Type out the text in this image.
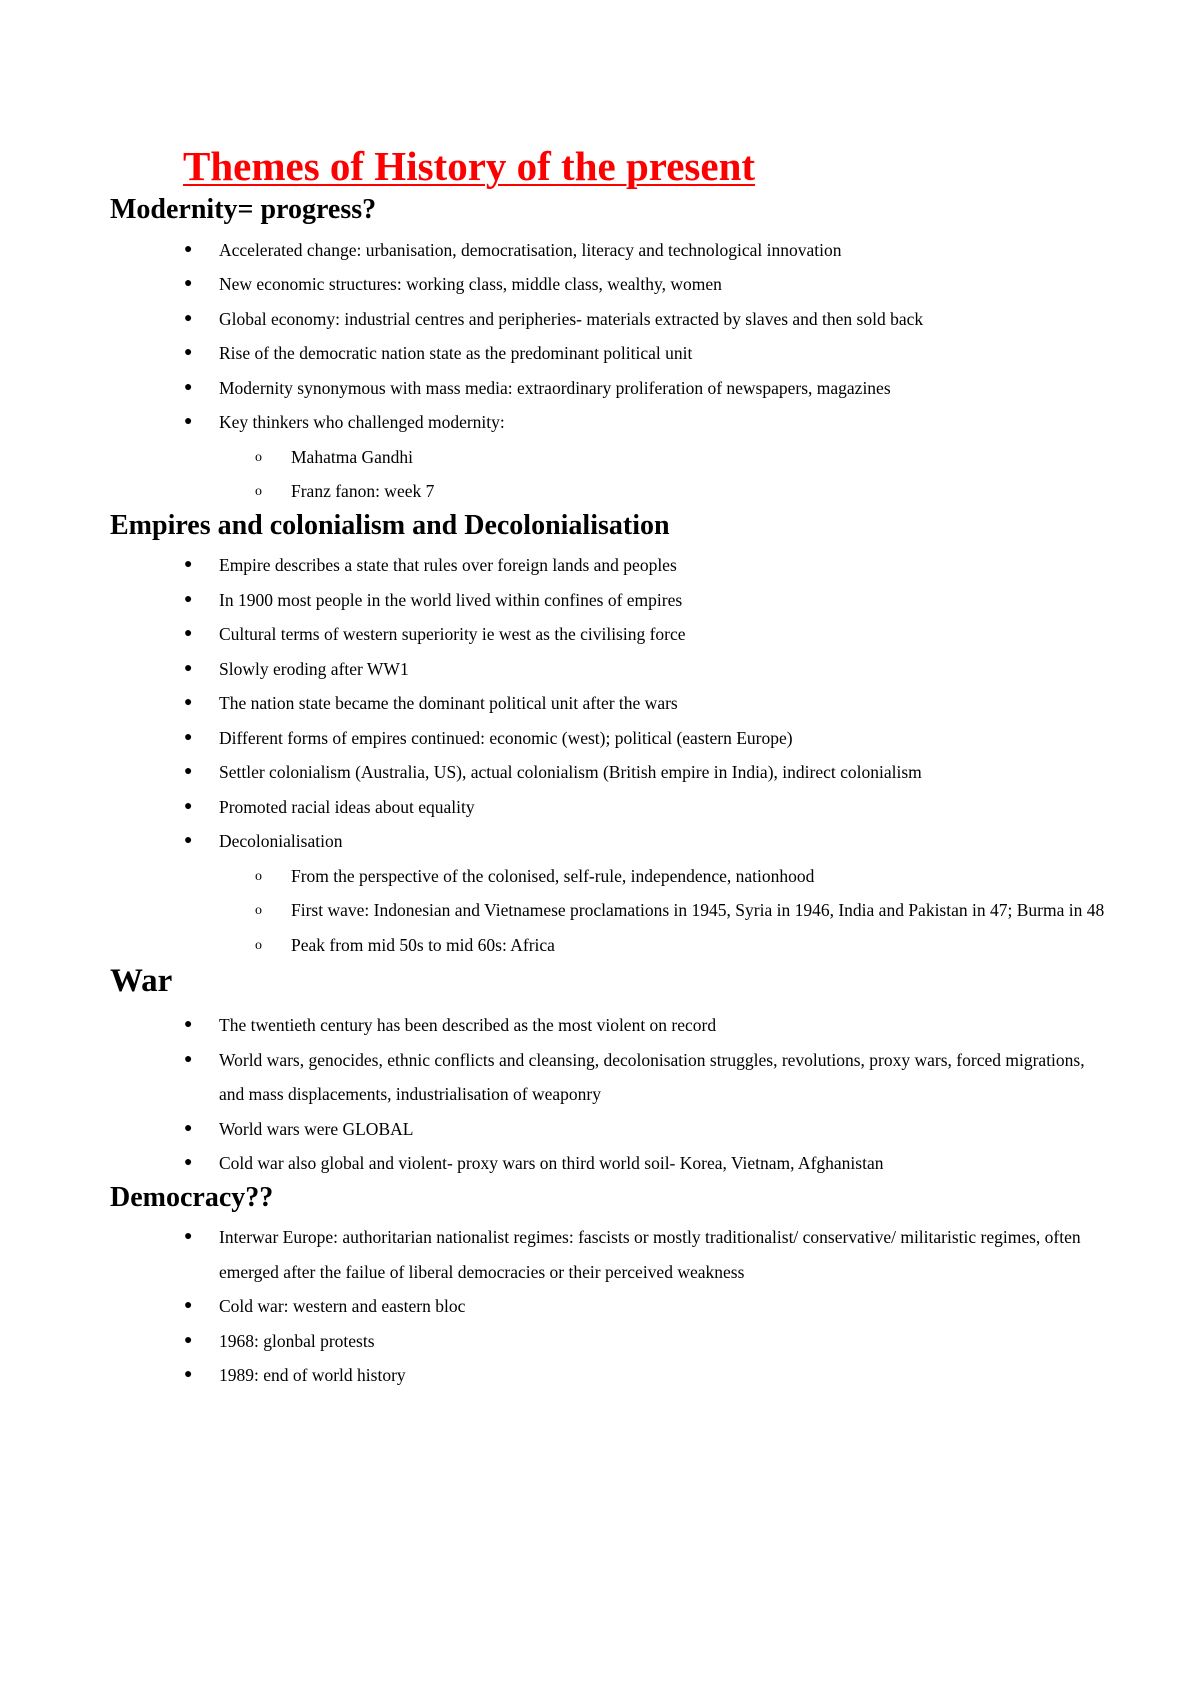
Themes of History of the present
Modernity= progress?
● Accelerated change: urbanisation, democratisation, literacy and technological innovation
● New economic structures: working class, middle class, wealthy, women
● Global economy: industrial centres and peripheries- materials extracted by slaves and then sold back
● Rise of the democratic nation state as the predominant political unit
● Modernity synonymous with mass media: extraordinary proliferation of newspapers, magazines
● Key thinkers who challenged modernity:
o Mahatma Gandhi
o Franz fanon: week 7
Empires and colonialism and Decolonialisation
● Empire describes a state that rules over foreign lands and peoples
● In 1900 most people in the world lived within confines of empires
● Cultural terms of western superiority ie west as the civilising force
● Slowly eroding after WW1
● The nation state became the dominant political unit after the wars
● Different forms of empires continued: economic (west); political (eastern Europe)
● Settler colonialism (Australia, US), actual colonialism (British empire in India), indirect colonialism
● Promoted racial ideas about equality
● Decolonialisation
o From the perspective of the colonised, self-rule, independence, nationhood
o First wave: Indonesian and Vietnamese proclamations in 1945, Syria in 1946, India and Pakistan in 47; Burma in 48
o Peak from mid 50s to mid 60s: Africa
War
● The twentieth century has been described as the most violent on record
● World wars, genocides, ethnic conflicts and cleansing, decolonisation struggles, revolutions, proxy wars, forced migrations, and mass displacements, industrialisation of weaponry
● World wars were GLOBAL
● Cold war also global and violent- proxy wars on third world soil- Korea, Vietnam, Afghanistan
Democracy??
● Interwar Europe: authoritarian nationalist regimes: fascists or mostly traditionalist/ conservative/ militaristic regimes, often emerged after the failue of liberal democracies or their perceived weakness
● Cold war: western and eastern bloc
● 1968: glonbal protests
● 1989: end of world history
